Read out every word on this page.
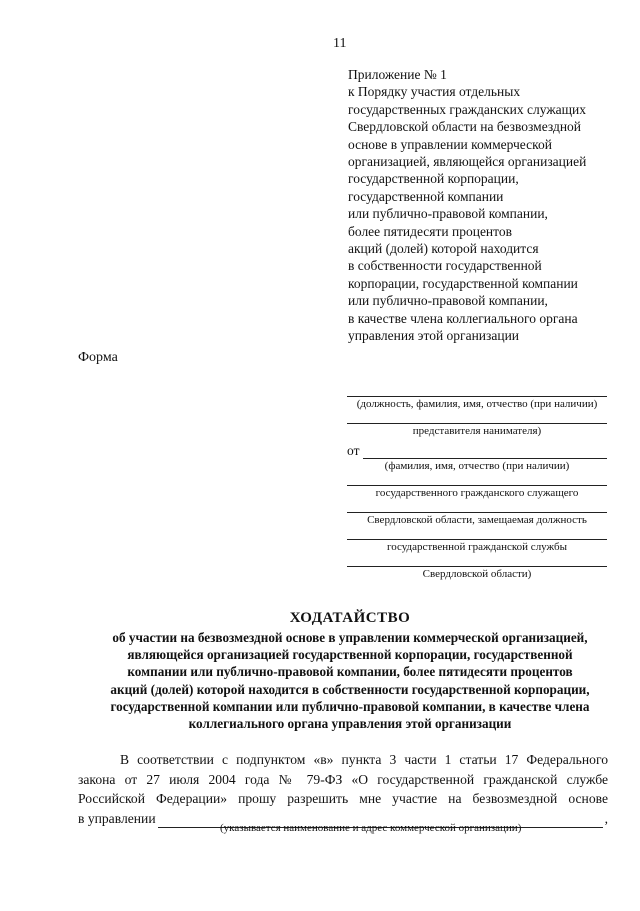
11
Приложение № 1
к Порядку участия отдельных
государственных гражданских служащих
Свердловской области на безвозмездной
основе в управлении коммерческой
организацией, являющейся организацией
государственной корпорации,
государственной компании
или публично-правовой компании,
более пятидесяти процентов
акций (долей) которой находится
в собственности государственной
корпорации, государственной компании
или публично-правовой компании,
в качестве члена коллегиального органа
управления этой организации
Форма
(должность, фамилия, имя, отчество (при наличии)
представителя нанимателя)
от
(фамилия, имя, отчество (при наличии)
государственного гражданского служащего
Свердловской области, замещаемая должность
государственной гражданской службы
Свердловской области)
ХОДАТАЙСТВО
об участии на безвозмездной основе в управлении коммерческой организацией,
являющейся организацией государственной корпорации, государственной
компании или публично-правовой компании, более пятидесяти процентов
акций (долей) которой находится в собственности государственной корпорации,
государственной компании или публично-правовой компании, в качестве члена
коллегиального органа управления этой организации
В соответствии с подпунктом «в» пункта 3 части 1 статьи 17 Федерального
закона от 27 июля 2004 года № 79-ФЗ «О государственной гражданской службе
Российской Федерации» прошу разрешить мне участие на безвозмездной основе
в управлении	,
(указывается наименование и адрес коммерческой организации)
